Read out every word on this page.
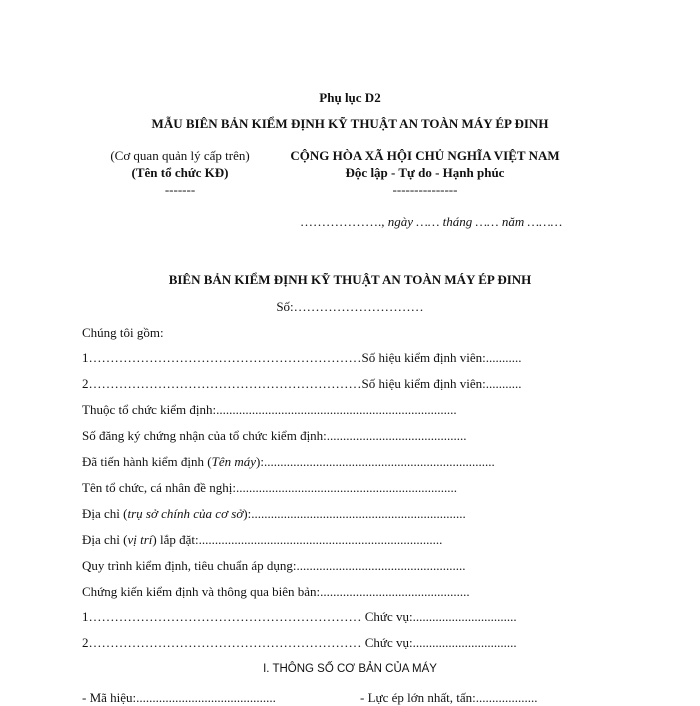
Phụ lục D2
MẪU BIÊN BẢN KIỂM ĐỊNH KỸ THUẬT AN TOÀN MÁY ÉP ĐINH
(Cơ quan quản lý cấp trên)
(Tên tổ chức KĐ)
-------
CỘNG HÒA XÃ HỘI CHỦ NGHĨA VIỆT NAM
Độc lập - Tự do - Hạnh phúc
---------------
………………., ngày …… tháng …… năm ………
BIÊN BẢN KIỂM ĐỊNH KỸ THUẬT AN TOÀN MÁY ÉP ĐINH
Số:…………………………
Chúng tôi gồm:
1………………………………………………………Số hiệu kiểm định viên:...........
2………………………………………………………Số hiệu kiểm định viên:...........
Thuộc tổ chức kiểm định:..........................................................................
Số đăng ký chứng nhận của tổ chức kiểm định:...........................................
Đã tiến hành kiểm định (Tên máy):.......................................................................
Tên tổ chức, cá nhân đề nghị:....................................................................
Địa chỉ (trụ sở chính của cơ sở):..................................................................
Địa chỉ (vị trí) lắp đặt:...........................................................................
Quy trình kiểm định, tiêu chuẩn áp dụng:....................................................
Chứng kiến kiểm định và thông qua biên bản:..............................................
1……………………………………………………… Chức vụ:................................
2……………………………………………………… Chức vụ:................................
I. THÔNG SỐ CƠ BẢN CỦA MÁY
- Mã hiệu:...........................................	- Lực ép lớn nhất, tấn:...................
